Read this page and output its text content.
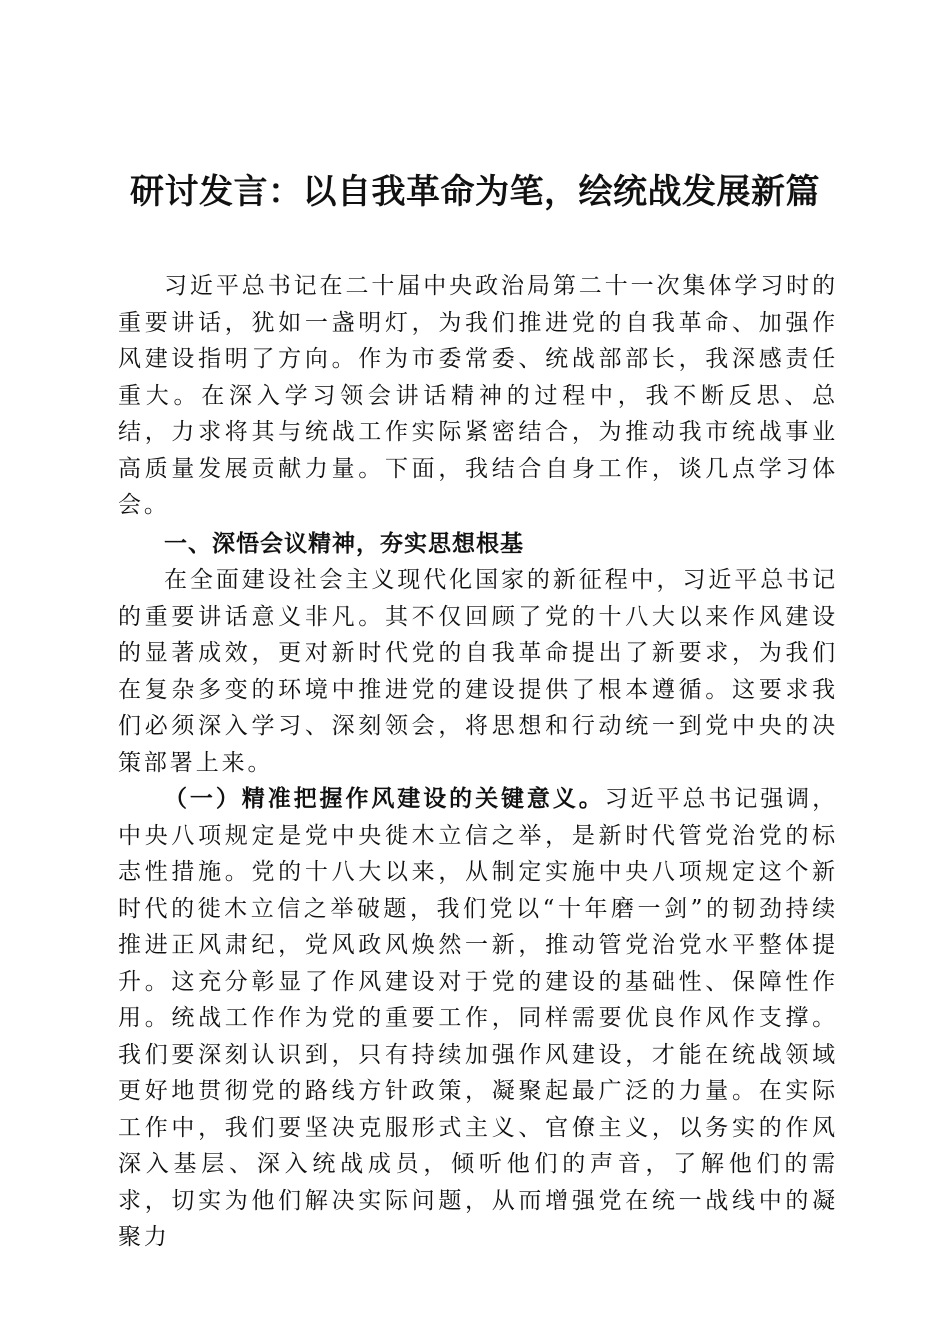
研讨发言：以自我革命为笔，绘统战发展新篇

习近平总书记在二十届中央政治局第二十一次集体学习时的重要讲话，犹如一盏明灯，为我们推进党的自我革命、加强作风建设指明了方向。作为市委常委、统战部部长，我深感责任重大。在深入学习领会讲话精神的过程中，我不断反思、总结，力求将其与统战工作实际紧密结合，为推动我市统战事业高质量发展贡献力量。下面，我结合自身工作，谈几点学习体会。

一、深悟会议精神，夯实思想根基

在全面建设社会主义现代化国家的新征程中，习近平总书记的重要讲话意义非凡。其不仅回顾了党的十八大以来作风建设的显著成效，更对新时代党的自我革命提出了新要求，为我们在复杂多变的环境中推进党的建设提供了根本遵循。这要求我们必须深入学习、深刻领会，将思想和行动统一到党中央的决策部署上来。

（一）精准把握作风建设的关键意义。习近平总书记强调，中央八项规定是党中央徙木立信之举，是新时代管党治党的标志性措施。党的十八大以来，从制定实施中央八项规定这个新时代的徙木立信之举破题，我们党以“十年磨一剑”的韧劲持续推进正风肃纪，党风政风焕然一新，推动管党治党水平整体提升。这充分彰显了作风建设对于党的建设的基础性、保障性作用。统战工作作为党的重要工作，同样需要优良作风作支撑。我们要深刻认识到，只有持续加强作风建设，才能在统战领域更好地贯彻党的路线方针政策，凝聚起最广泛的力量。在实际工作中，我们要坚决克服形式主义、官僚主义，以务实的作风深入基层、深入统战成员，倾听他们的声音，了解他们的需求，切实为他们解决实际问题，从而增强党在统一战线中的凝聚力
